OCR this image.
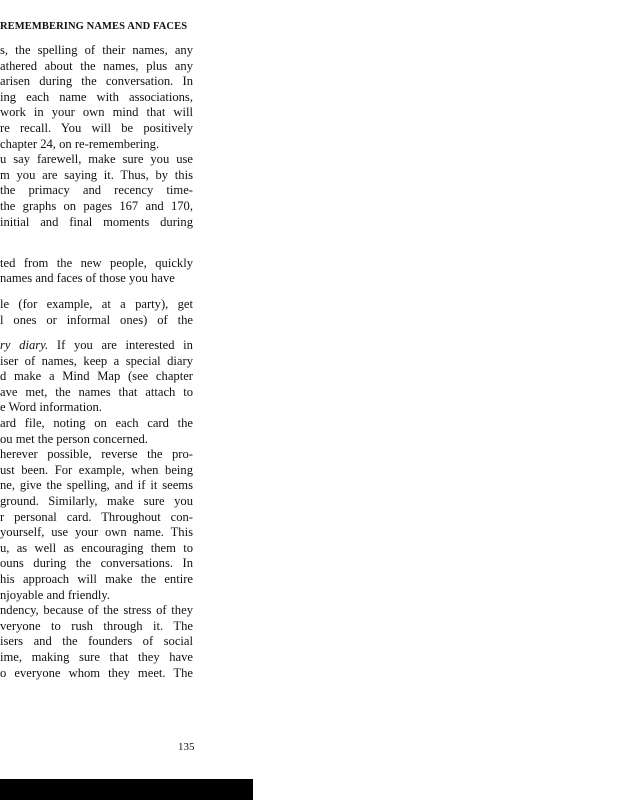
REMEMBERING NAMES AND FACES
s, the spelling of their names, any
athered about the names, plus any
arisen during the conversation. In
ing each name with associations,
work in your own mind that will
re recall. You will be positively
chapter 24, on re-remembering.
u say farewell, make sure you use
m you are saying it. Thus, by this
the primacy and recency time-
the graphs on pages 167 and 170,
initial and final moments during
ted from the new people, quickly
names and faces of those you have
le (for example, at a party), get
l ones or informal ones) of the
ry diary. If you are interested in
iser of names, keep a special diary
d make a Mind Map (see chapter
ave met, the names that attach to
e Word information.
ard file, noting on each card the
ou met the person concerned.
herever possible, reverse the pro-
ust been. For example, when being
ne, give the spelling, and if it seems
ground. Similarly, make sure you
r personal card. Throughout con-
yourself, use your own name. This
u, as well as encouraging them to
ouns during the conversations. In
his approach will make the entire
njoyable and friendly.
ndency, because of the stress of they
veryone to rush through it. The
isers and the founders of social
ime, making sure that they have
o everyone whom they meet. The
135
